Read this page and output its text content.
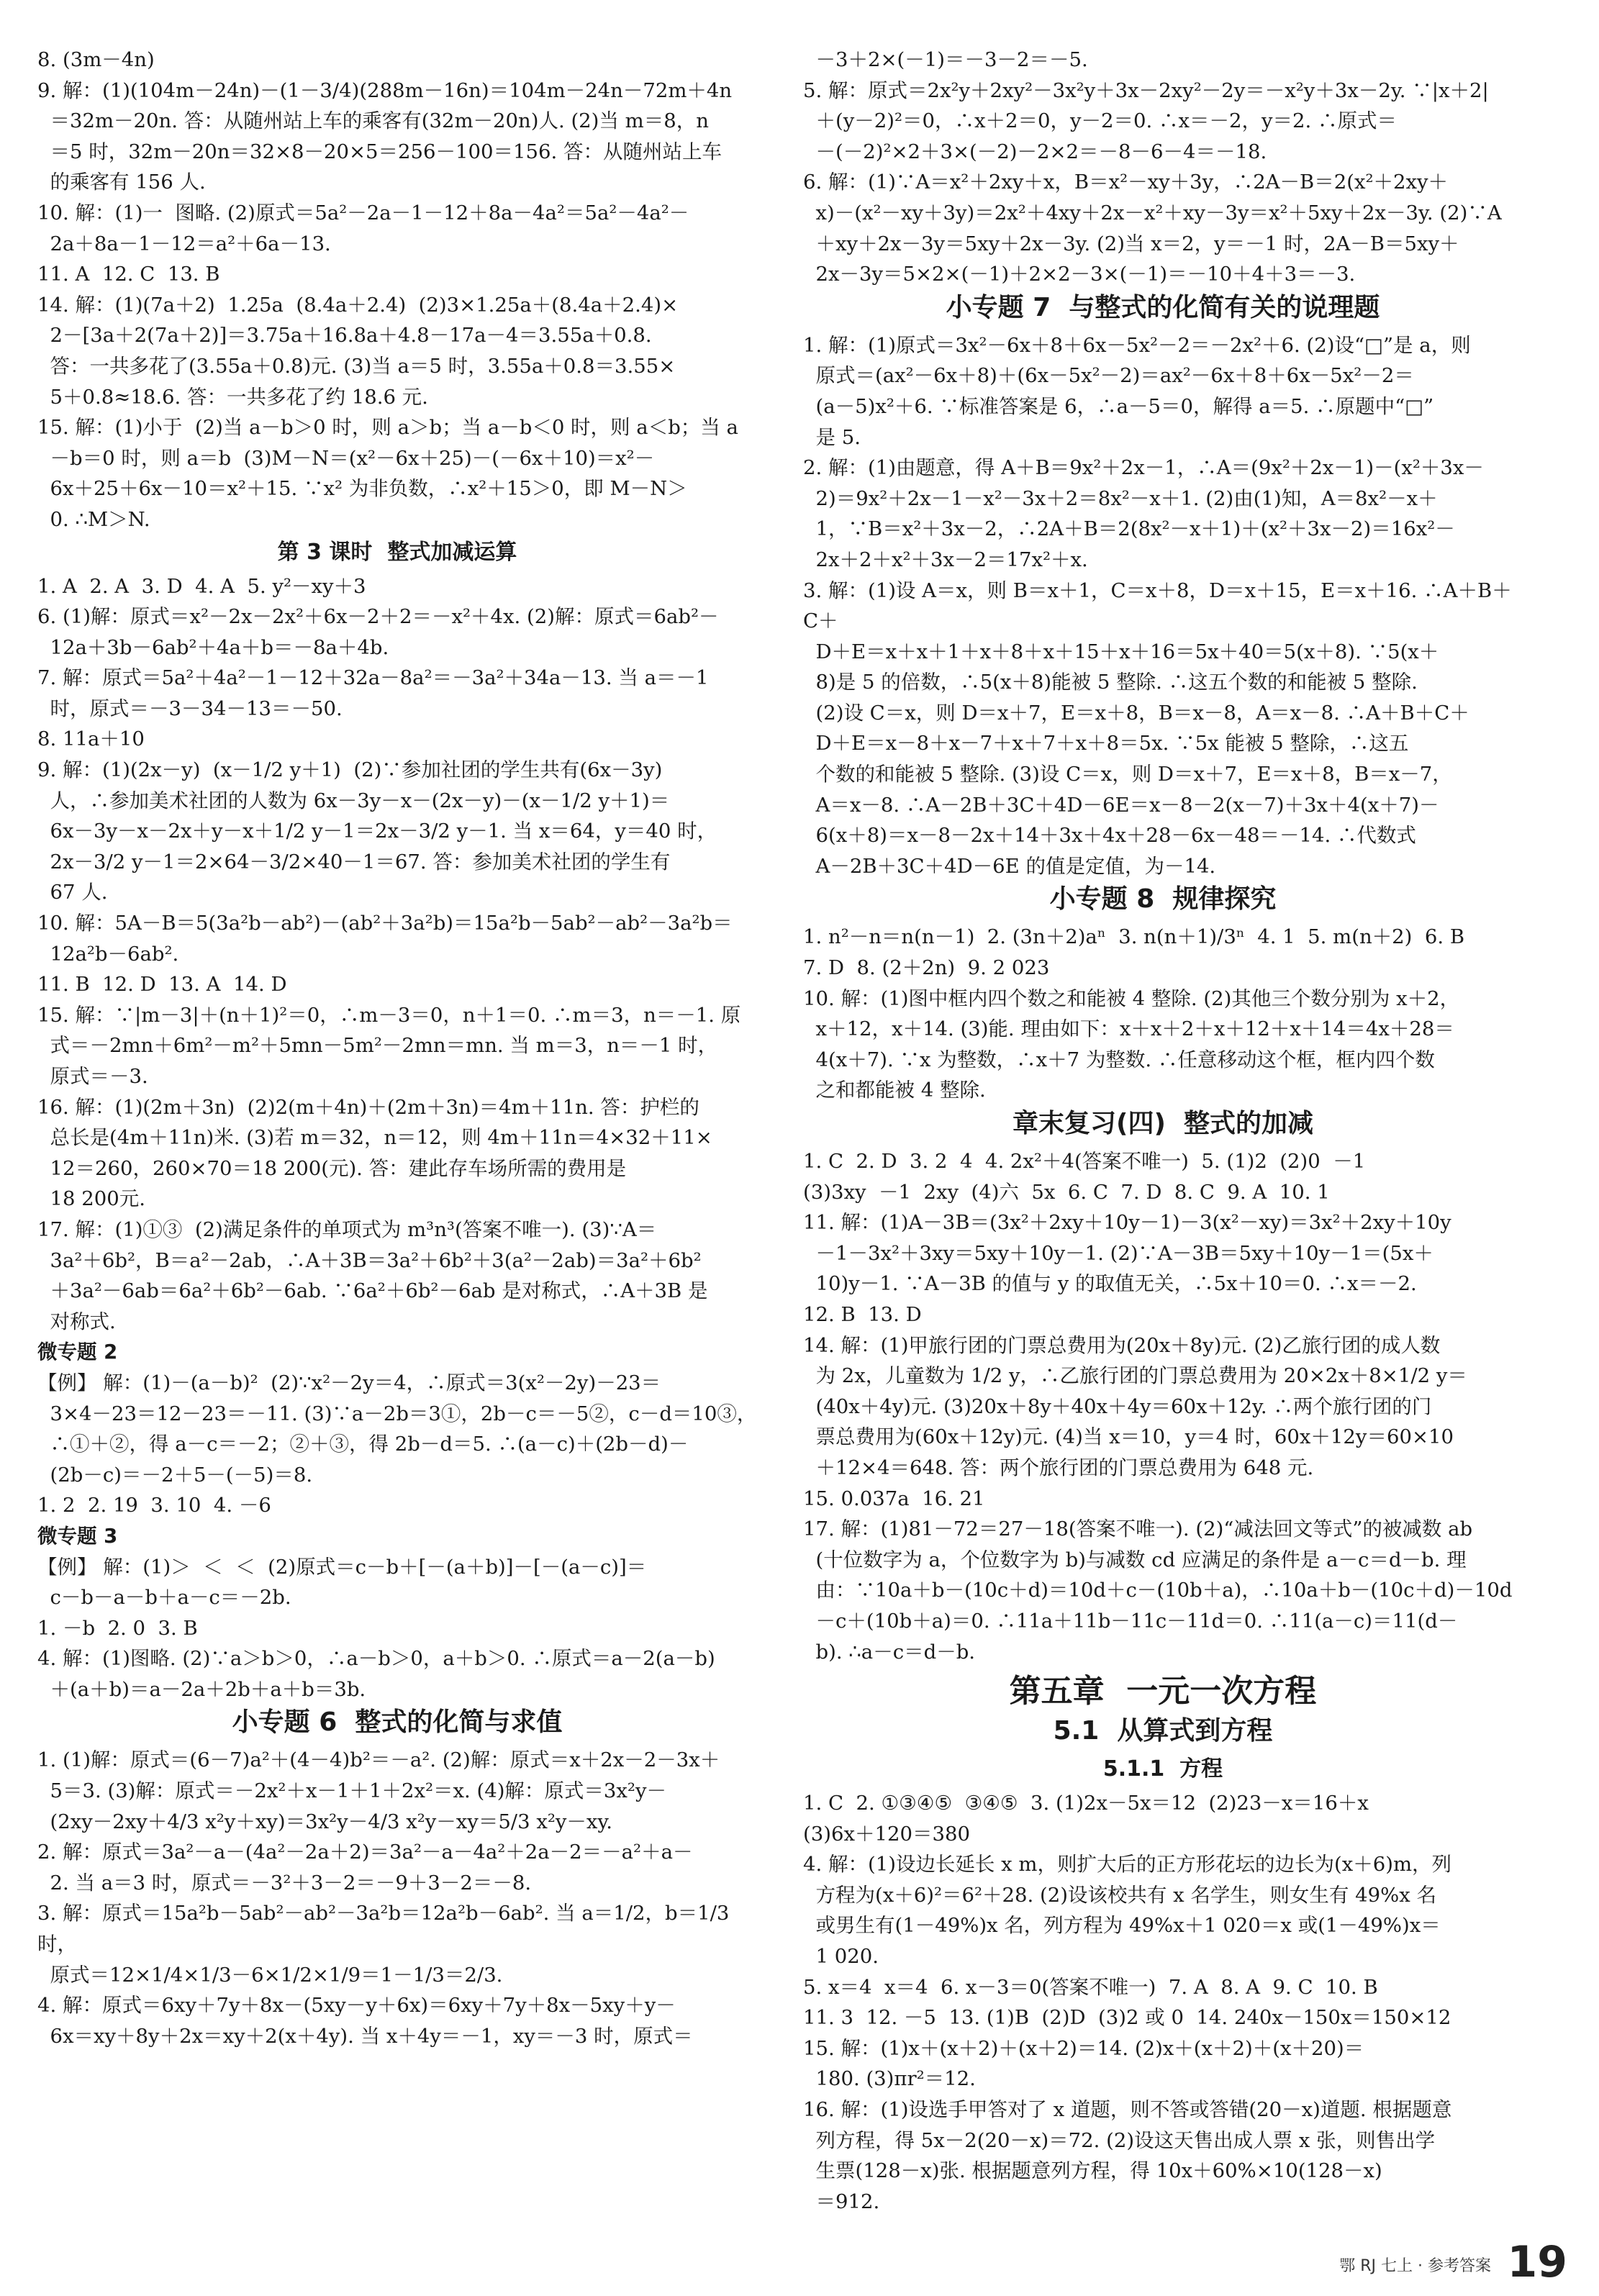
8. (3m－4n)

9. 解：(1)(104m－24n)－(1－3/4)(288m－16n)＝104m－24n－72m＋4n

＝32m－20n. 答：从随州站上车的乘客有(32m－20n)人. (2)当 m＝8，n

＝5 时，32m－20n＝32×8－20×5＝256－100＝156. 答：从随州站上车

的乘客有 156 人.

10. 解：(1)一  图略. (2)原式＝5a²－2a－1－12＋8a－4a²＝5a²－4a²－

2a＋8a－1－12＝a²＋6a－13.

11. A  12. C  13. B

14. 解：(1)(7a＋2)  1.25a  (8.4a＋2.4)  (2)3×1.25a＋(8.4a＋2.4)×

2－[3a＋2(7a＋2)]＝3.75a＋16.8a＋4.8－17a－4＝3.55a＋0.8.

答：一共多花了(3.55a＋0.8)元. (3)当 a＝5 时，3.55a＋0.8＝3.55×

5＋0.8≈18.6. 答：一共多花了约 18.6 元.

15. 解：(1)小于  (2)当 a－b＞0 时，则 a＞b；当 a－b＜0 时，则 a＜b；当 a

－b＝0 时，则 a＝b  (3)M－N＝(x²－6x＋25)－(－6x＋10)＝x²－

6x＋25＋6x－10＝x²＋15. ∵x² 为非负数，∴x²＋15＞0，即 M－N＞

0. ∴M＞N.

第 3 课时  整式加减运算

1. A  2. A  3. D  4. A  5. y²－xy＋3

6. (1)解：原式＝x²－2x－2x²＋6x－2＋2＝－x²＋4x. (2)解：原式＝6ab²－

12a＋3b－6ab²＋4a＋b＝－8a＋4b.

7. 解：原式＝5a²＋4a²－1－12＋32a－8a²＝－3a²＋34a－13. 当 a＝－1

时，原式＝－3－34－13＝－50.

8. 11a＋10

9. 解：(1)(2x－y)  (x－1/2 y＋1)  (2)∵参加社团的学生共有(6x－3y)

人，∴参加美术社团的人数为 6x－3y－x－(2x－y)－(x－1/2 y＋1)＝

6x－3y－x－2x＋y－x＋1/2 y－1＝2x－3/2 y－1. 当 x＝64，y＝40 时，

2x－3/2 y－1＝2×64－3/2×40－1＝67. 答：参加美术社团的学生有

67 人.

10. 解：5A－B＝5(3a²b－ab²)－(ab²＋3a²b)＝15a²b－5ab²－ab²－3a²b＝

12a²b－6ab².

11. B  12. D  13. A  14. D

15. 解：∵|m－3|＋(n＋1)²＝0，∴m－3＝0，n＋1＝0. ∴m＝3，n＝－1. 原

式＝－2mn＋6m²－m²＋5mn－5m²－2mn＝mn. 当 m＝3，n＝－1 时，

原式＝－3.

16. 解：(1)(2m＋3n)  (2)2(m＋4n)＋(2m＋3n)＝4m＋11n. 答：护栏的

总长是(4m＋11n)米. (3)若 m＝32，n＝12，则 4m＋11n＝4×32＋11×

12＝260，260×70＝18 200(元). 答：建此存车场所需的费用是

18 200元.

17. 解：(1)①③  (2)满足条件的单项式为 m³n³(答案不唯一). (3)∵A＝

3a²＋6b²，B＝a²－2ab，∴A＋3B＝3a²＋6b²＋3(a²－2ab)＝3a²＋6b²

＋3a²－6ab＝6a²＋6b²－6ab. ∵6a²＋6b²－6ab 是对称式，∴A＋3B 是

对称式.

微专题 2

【例】 解：(1)－(a－b)²  (2)∵x²－2y＝4，∴原式＝3(x²－2y)－23＝

3×4－23＝12－23＝－11. (3)∵a－2b＝3①，2b－c＝－5②，c－d＝10③，

∴①＋②，得 a－c＝－2；②＋③，得 2b－d＝5. ∴(a－c)＋(2b－d)－

(2b－c)＝－2＋5－(－5)＝8.

1. 2  2. 19  3. 10  4. －6

微专题 3

【例】 解：(1)＞  ＜  ＜  (2)原式＝c－b＋[－(a＋b)]－[－(a－c)]＝

c－b－a－b＋a－c＝－2b.

1. －b  2. 0  3. B

4. 解：(1)图略. (2)∵a＞b＞0，∴a－b＞0，a＋b＞0. ∴原式＝a－2(a－b)

＋(a＋b)＝a－2a＋2b＋a＋b＝3b.

小专题 6  整式的化简与求值

1. (1)解：原式＝(6－7)a²＋(4－4)b²＝－a². (2)解：原式＝x＋2x－2－3x＋

5＝3. (3)解：原式＝－2x²＋x－1＋1＋2x²＝x. (4)解：原式＝3x²y－

(2xy－2xy＋4/3 x²y＋xy)＝3x²y－4/3 x²y－xy＝5/3 x²y－xy.

2. 解：原式＝3a²－a－(4a²－2a＋2)＝3a²－a－4a²＋2a－2＝－a²＋a－

2. 当 a＝3 时，原式＝－3²＋3－2＝－9＋3－2＝－8.

3. 解：原式＝15a²b－5ab²－ab²－3a²b＝12a²b－6ab². 当 a＝1/2，b＝1/3 时，

原式＝12×1/4×1/3－6×1/2×1/9＝1－1/3＝2/3.

4. 解：原式＝6xy＋7y＋8x－(5xy－y＋6x)＝6xy＋7y＋8x－5xy＋y－

6x＝xy＋8y＋2x＝xy＋2(x＋4y). 当 x＋4y＝－1，xy＝－3 时，原式＝

－3＋2×(－1)＝－3－2＝－5.

5. 解：原式＝2x²y＋2xy²－3x²y＋3x－2xy²－2y＝－x²y＋3x－2y. ∵|x＋2|

＋(y－2)²＝0，∴x＋2＝0，y－2＝0. ∴x＝－2，y＝2. ∴原式＝

－(－2)²×2＋3×(－2)－2×2＝－8－6－4＝－18.

6. 解：(1)∵A＝x²＋2xy＋x，B＝x²－xy＋3y，∴2A－B＝2(x²＋2xy＋

x)－(x²－xy＋3y)＝2x²＋4xy＋2x－x²＋xy－3y＝x²＋5xy＋2x－3y. (2)∵A

＋xy＋2x－3y＝5xy＋2x－3y. (2)当 x＝2，y＝－1 时，2A－B＝5xy＋

2x－3y＝5×2×(－1)＋2×2－3×(－1)＝－10＋4＋3＝－3.

小专题 7  与整式的化简有关的说理题

1. 解：(1)原式＝3x²－6x＋8＋6x－5x²－2＝－2x²＋6. (2)设“□”是 a，则

原式＝(ax²－6x＋8)＋(6x－5x²－2)＝ax²－6x＋8＋6x－5x²－2＝

(a－5)x²＋6. ∵标准答案是 6，∴a－5＝0，解得 a＝5. ∴原题中“□”

是 5.

2. 解：(1)由题意，得 A＋B＝9x²＋2x－1，∴A＝(9x²＋2x－1)－(x²＋3x－

2)＝9x²＋2x－1－x²－3x＋2＝8x²－x＋1. (2)由(1)知，A＝8x²－x＋

1，∵B＝x²＋3x－2，∴2A＋B＝2(8x²－x＋1)＋(x²＋3x－2)＝16x²－

2x＋2＋x²＋3x－2＝17x²＋x.

3. 解：(1)设 A＝x，则 B＝x＋1，C＝x＋8，D＝x＋15，E＝x＋16. ∴A＋B＋C＋

D＋E＝x＋x＋1＋x＋8＋x＋15＋x＋16＝5x＋40＝5(x＋8). ∵5(x＋

8)是 5 的倍数，∴5(x＋8)能被 5 整除. ∴这五个数的和能被 5 整除.

(2)设 C＝x，则 D＝x＋7，E＝x＋8，B＝x－8，A＝x－8. ∴A＋B＋C＋

D＋E＝x－8＋x－7＋x＋7＋x＋8＝5x. ∵5x 能被 5 整除，∴这五

个数的和能被 5 整除. (3)设 C＝x，则 D＝x＋7，E＝x＋8，B＝x－7，

A＝x－8. ∴A－2B＋3C＋4D－6E＝x－8－2(x－7)＋3x＋4(x＋7)－

6(x＋8)＝x－8－2x＋14＋3x＋4x＋28－6x－48＝－14. ∴代数式

A－2B＋3C＋4D－6E 的值是定值，为－14.

小专题 8  规律探究

1. n²－n＝n(n－1)  2. (3n＋2)aⁿ  3. n(n＋1)/3ⁿ  4. 1  5. m(n＋2)  6. B

7. D  8. (2＋2n)  9. 2 023

10. 解：(1)图中框内四个数之和能被 4 整除. (2)其他三个数分别为 x＋2，

x＋12，x＋14. (3)能. 理由如下：x＋x＋2＋x＋12＋x＋14＝4x＋28＝

4(x＋7). ∵x 为整数，∴x＋7 为整数. ∴任意移动这个框，框内四个数

之和都能被 4 整除.

章末复习(四)  整式的加减

1. C  2. D  3. 2  4  4. 2x²＋4(答案不唯一)  5. (1)2  (2)0  －1

(3)3xy  －1  2xy  (4)六  5x  6. C  7. D  8. C  9. A  10. 1

11. 解：(1)A－3B＝(3x²＋2xy＋10y－1)－3(x²－xy)＝3x²＋2xy＋10y

－1－3x²＋3xy＝5xy＋10y－1. (2)∵A－3B＝5xy＋10y－1＝(5x＋

10)y－1. ∵A－3B 的值与 y 的取值无关，∴5x＋10＝0. ∴x＝－2.

12. B  13. D

14. 解：(1)甲旅行团的门票总费用为(20x＋8y)元. (2)乙旅行团的成人数

为 2x，儿童数为 1/2 y，∴乙旅行团的门票总费用为 20×2x＋8×1/2 y＝

(40x＋4y)元. (3)20x＋8y＋40x＋4y＝60x＋12y. ∴两个旅行团的门

票总费用为(60x＋12y)元. (4)当 x＝10，y＝4 时，60x＋12y＝60×10

＋12×4＝648. 答：两个旅行团的门票总费用为 648 元.

15. 0.037a  16. 21

17. 解：(1)81－72＝27－18(答案不唯一). (2)“减法回文等式”的被减数 ab

(十位数字为 a，个位数字为 b)与减数 cd 应满足的条件是 a－c＝d－b. 理

由：∵10a＋b－(10c＋d)＝10d＋c－(10b＋a)，∴10a＋b－(10c＋d)－10d

－c＋(10b＋a)＝0. ∴11a＋11b－11c－11d＝0. ∴11(a－c)＝11(d－

b). ∴a－c＝d－b.

第五章  一元一次方程

5.1  从算式到方程

5.1.1  方程

1. C  2. ①③④⑤  ③④⑤  3. (1)2x－5x＝12  (2)23－x＝16＋x

(3)6x＋120＝380

4. 解：(1)设边长延长 x m，则扩大后的正方形花坛的边长为(x＋6)m，列

方程为(x＋6)²＝6²＋28. (2)设该校共有 x 名学生，则女生有 49%x 名

或男生有(1－49%)x 名，列方程为 49%x＋1 020＝x 或(1－49%)x＝

1 020.

5. x＝4  x＝4  6. x－3＝0(答案不唯一)  7. A  8. A  9. C  10. B

11. 3  12. －5  13. (1)B  (2)D  (3)2 或 0  14. 240x－150x＝150×12

15. 解：(1)x＋(x＋2)＋(x＋2)＝14. (2)x＋(x＋2)＋(x＋20)＝

180. (3)πr²＝12.

16. 解：(1)设选手甲答对了 x 道题，则不答或答错(20－x)道题. 根据题意

列方程，得 5x－2(20－x)＝72. (2)设这天售出成人票 x 张，则售出学

生票(128－x)张. 根据题意列方程，得 10x＋60%×10(128－x)

＝912.

鄂 RJ 七上 · 参考答案 19
